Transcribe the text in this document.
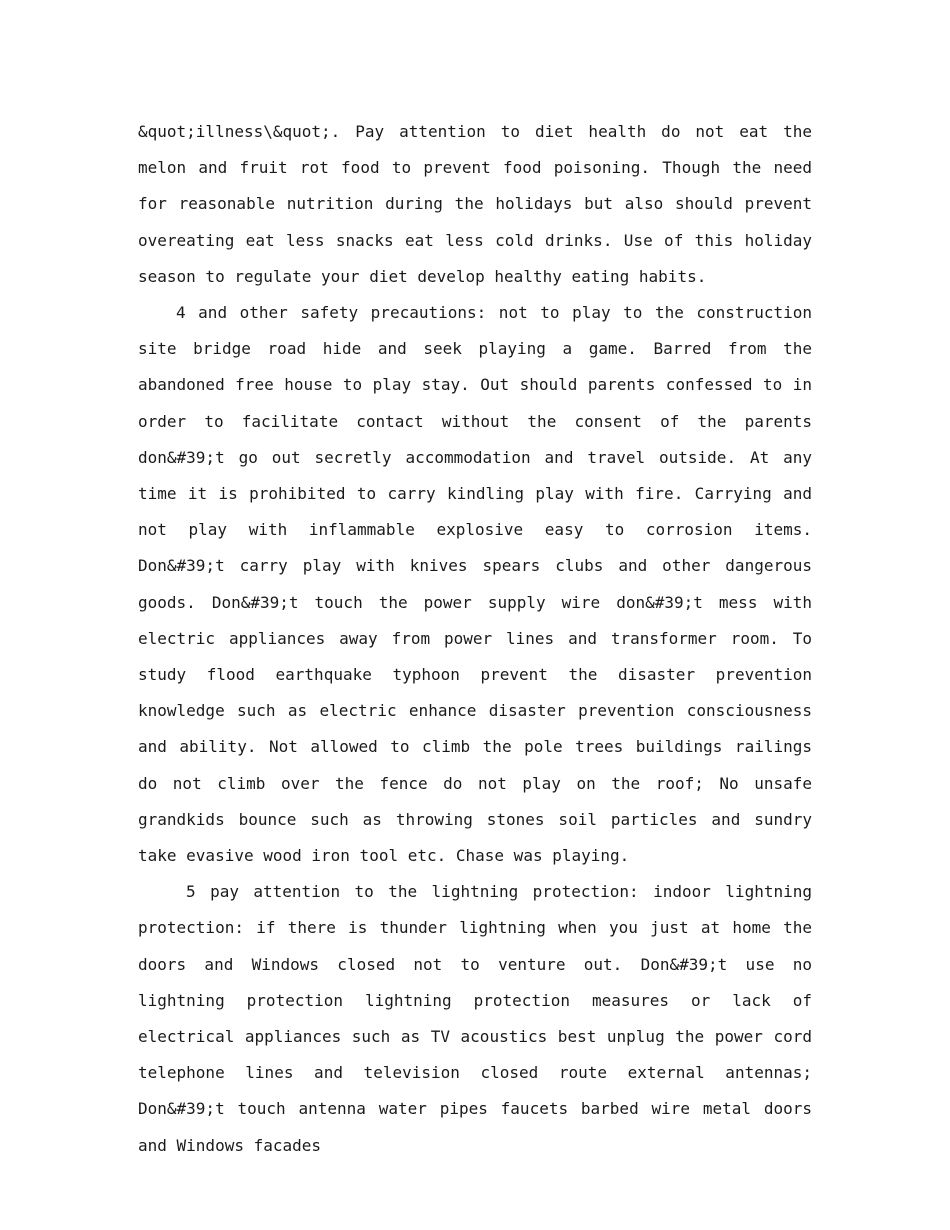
&quot;illness\&quot;. Pay attention to diet health do not eat the melon and fruit rot food to prevent food poisoning. Though the need for reasonable nutrition during the holidays but also should prevent overeating eat less snacks eat less cold drinks. Use of this holiday season to regulate your diet develop healthy eating habits.

4 and other safety precautions: not to play to the construction site bridge road hide and seek playing a game. Barred from the abandoned free house to play stay. Out should parents confessed to in order to facilitate contact without the consent of the parents don&#39;t go out secretly accommodation and travel outside. At any time it is prohibited to carry kindling play with fire. Carrying and not play with inflammable explosive easy to corrosion items. Don&#39;t carry play with knives spears clubs and other dangerous goods. Don&#39;t touch the power supply wire don&#39;t mess with electric appliances away from power lines and transformer room. To study flood earthquake typhoon prevent the disaster prevention knowledge such as electric enhance disaster prevention consciousness and ability. Not allowed to climb the pole trees buildings railings do not climb over the fence do not play on the roof; No unsafe grandkids bounce such as throwing stones soil particles and sundry take evasive wood iron tool etc. Chase was playing.

5 pay attention to the lightning protection: indoor lightning protection: if there is thunder lightning when you just at home the doors and Windows closed not to venture out. Don&#39;t use no lightning protection lightning protection measures or lack of electrical appliances such as TV acoustics best unplug the power cord telephone lines and television closed route external antennas; Don&#39;t touch antenna water pipes faucets barbed wire metal doors and Windows facades
